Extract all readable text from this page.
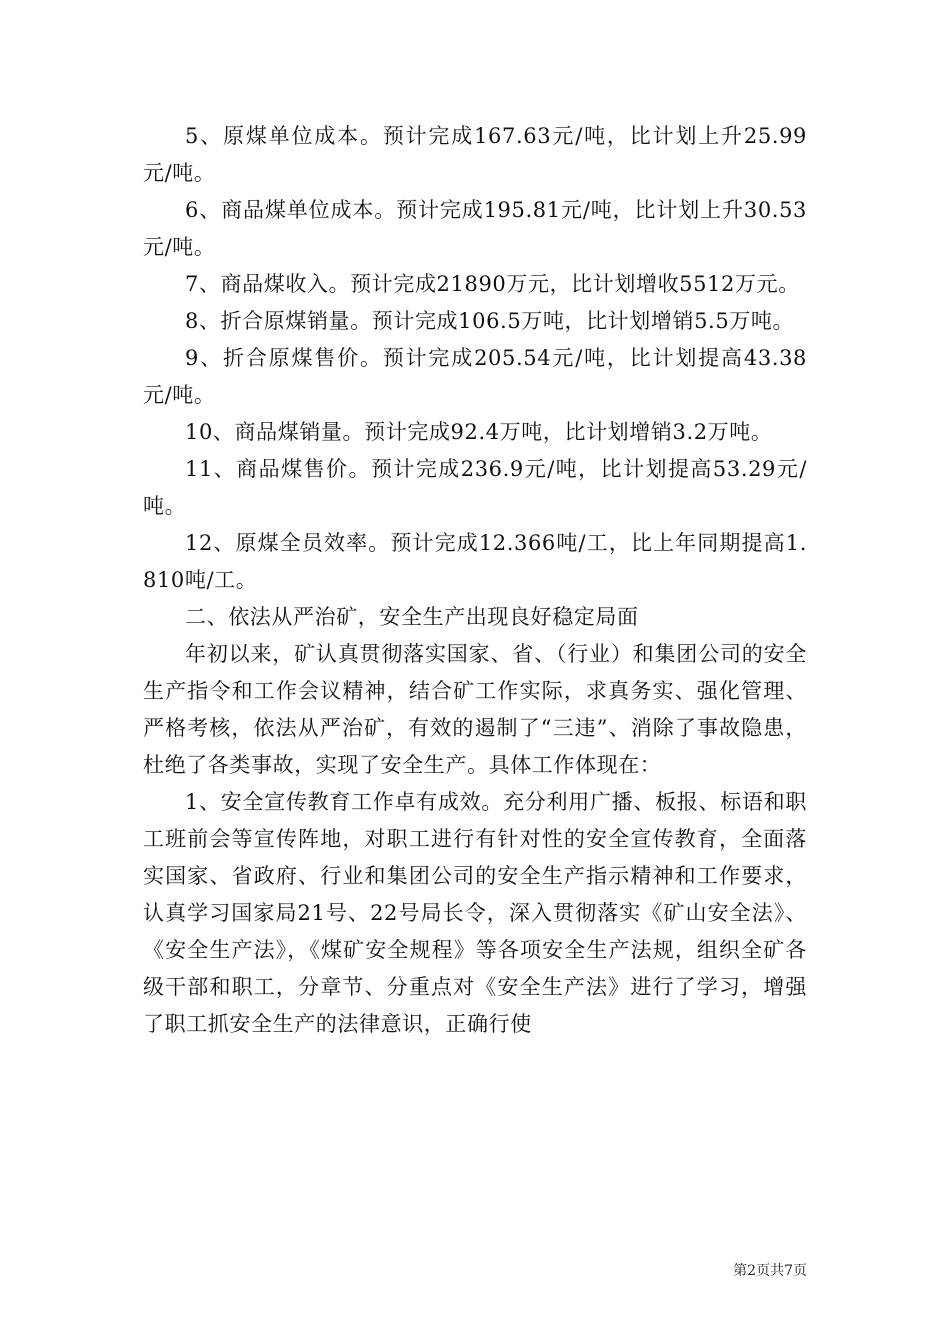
5、原煤单位成本。预计完成167.63元/吨，比计划上升25.99元/吨。

6、商品煤单位成本。预计完成195.81元/吨，比计划上升30.53元/吨。

7、商品煤收入。预计完成21890万元，比计划增收5512万元。

8、折合原煤销量。预计完成106.5万吨，比计划增销5.5万吨。

9、折合原煤售价。预计完成205.54元/吨，比计划提高43.38元/吨。

10、商品煤销量。预计完成92.4万吨，比计划增销3.2万吨。

11、商品煤售价。预计完成236.9元/吨，比计划提高53.29元/吨。

12、原煤全员效率。预计完成12.366吨/工，比上年同期提高1.810吨/工。

二、依法从严治矿，安全生产出现良好稳定局面

年初以来，矿认真贯彻落实国家、省、（行业）和集团公司的安全生产指令和工作会议精神，结合矿工作实际，求真务实、强化管理、严格考核，依法从严治矿，有效的遏制了“三违”、消除了事故隐患，杜绝了各类事故，实现了安全生产。具体工作体现在：

1、安全宣传教育工作卓有成效。充分利用广播、板报、标语和职工班前会等宣传阵地，对职工进行有针对性的安全宣传教育，全面落实国家、省政府、行业和集团公司的安全生产指示精神和工作要求，认真学习国家局21号、22号局长令，深入贯彻落实《矿山安全法》、《安全生产法》，《煤矿安全规程》等各项安全生产法规，组织全矿各级干部和职工，分章节、分重点对《安全生产法》进行了学习，增强了职工抓安全生产的法律意识，正确行使

第2页共7页
